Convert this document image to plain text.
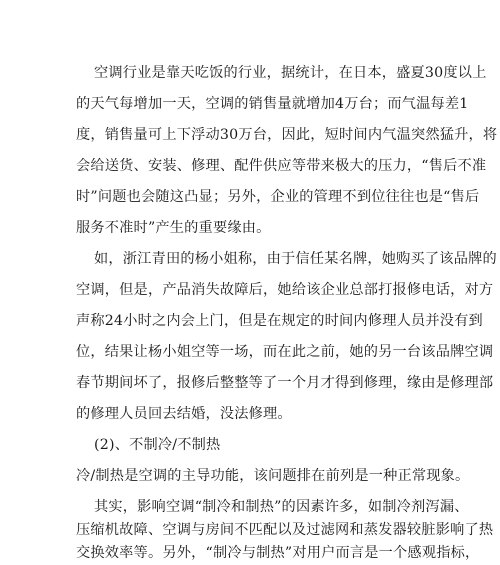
空调行业是靠天吃饭的行业，据统计，在日本，盛夏30度以上
的天气每增加一天，空调的销售量就增加4万台；而气温每差1
度，销售量可上下浮动30万台，因此，短时间内气温突然猛升，将
会给送货、安装、修理、配件供应等带来极大的压力，“售后不准
时”问题也会随这凸显；另外，企业的管理不到位往往也是“售后
服务不准时”产生的重要缘由。
如，浙江青田的杨小姐称，由于信任某名牌，她购买了该品牌的
空调，但是，产品消失故障后，她给该企业总部打报修电话，对方
声称24小时之内会上门，但是在规定的时间内修理人员并没有到
位，结果让杨小姐空等一场，而在此之前，她的另一台该品牌空调
春节期间坏了，报修后整整等了一个月才得到修理，缘由是修理部
的修理人员回去结婚，没法修理。
(2)、不制冷/不制热
冷/制热是空调的主导功能，该问题排在前列是一种正常现象。
其实，影响空调“制冷和制热”的因素许多，如制冷剂泻漏、
压缩机故障、空调与房间不匹配以及过滤网和蒸发器较脏影响了热
交换效率等。另外，“制冷与制热”对用户而言是一个感观指标，
